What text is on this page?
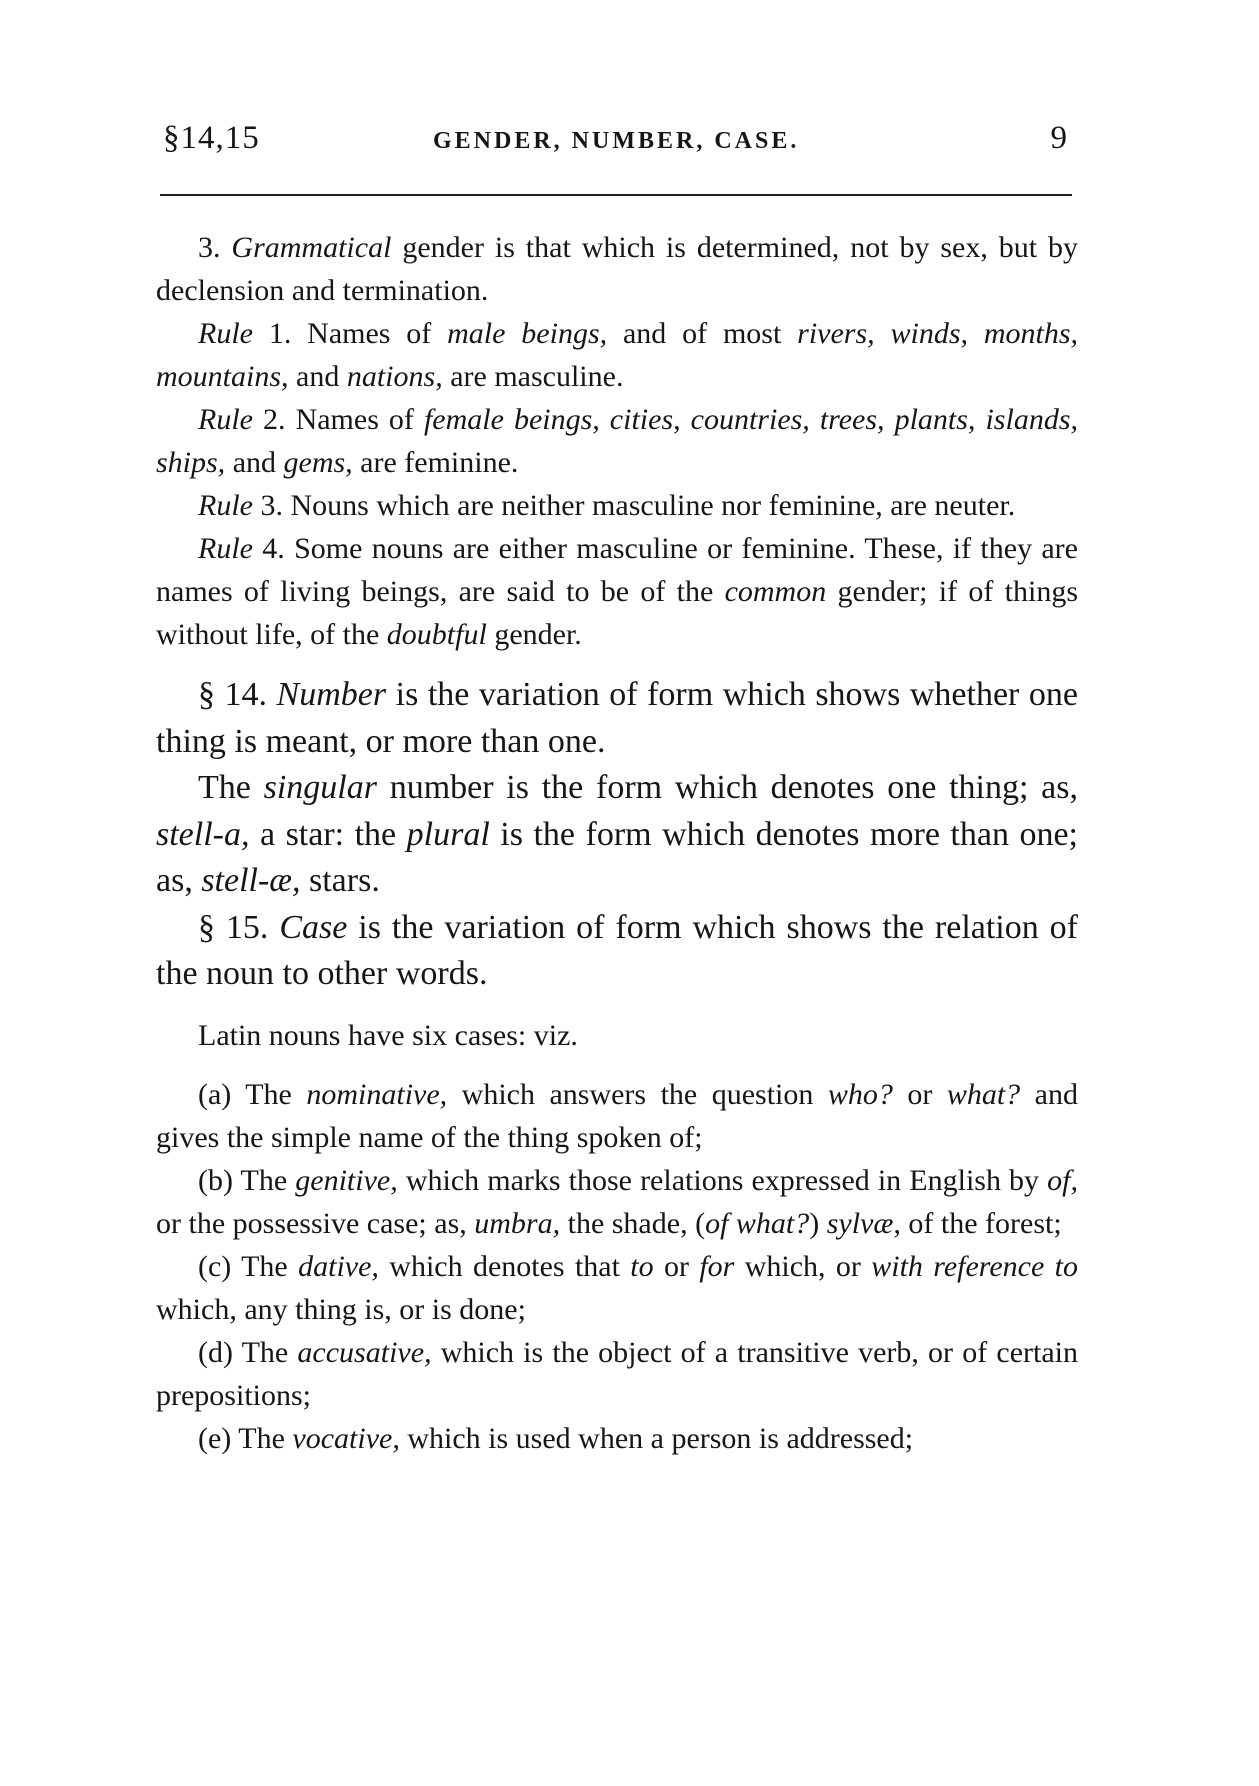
§14,15	GENDER, NUMBER, CASE.	9

3. Grammatical gender is that which is determined, not by sex, but by declension and termination.

Rule 1. Names of male beings, and of most rivers, winds, months, mountains, and nations, are masculine.

Rule 2. Names of female beings, cities, countries, trees, plants, islands, ships, and gems, are feminine.

Rule 3. Nouns which are neither masculine nor feminine, are neuter.

Rule 4. Some nouns are either masculine or feminine. These, if they are names of living beings, are said to be of the common gender; if of things without life, of the doubtful gender.

§ 14. Number is the variation of form which shows whether one thing is meant, or more than one.

The singular number is the form which denotes one thing; as, stell-a, a star: the plural is the form which denotes more than one; as, stell-æ, stars.

§ 15. Case is the variation of form which shows the relation of the noun to other words.

Latin nouns have six cases: viz.

(a) The nominative, which answers the question who? or what? and gives the simple name of the thing spoken of;

(b) The genitive, which marks those relations expressed in English by of, or the possessive case; as, umbra, the shade, (of what?) sylvæ, of the forest;

(c) The dative, which denotes that to or for which, or with reference to which, any thing is, or is done;

(d) The accusative, which is the object of a transitive verb, or of certain prepositions;

(e) The vocative, which is used when a person is addressed;
